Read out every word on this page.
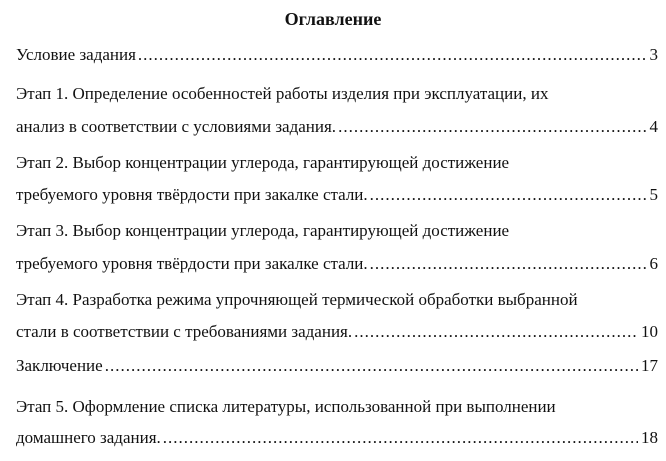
Оглавление
Условие задания .....	3
Этап 1. Определение особенностей работы изделия при эксплуатации, их
анализ в соответствии с условиями задания. .....	4
Этап 2. Выбор концентрации углерода, гарантирующей достижение
требуемого уровня твёрдости при закалке стали. .....	5
Этап 3. Выбор концентрации углерода, гарантирующей достижение
требуемого уровня твёрдости при закалке стали. .....	6
Этап 4. Разработка режима упрочняющей термической обработки выбранной
стали в соответствии с требованиями задания. .....	10
Заключение .....	17
Этап 5. Оформление списка литературы, использованной при выполнении
домашнего задания. .....	18
